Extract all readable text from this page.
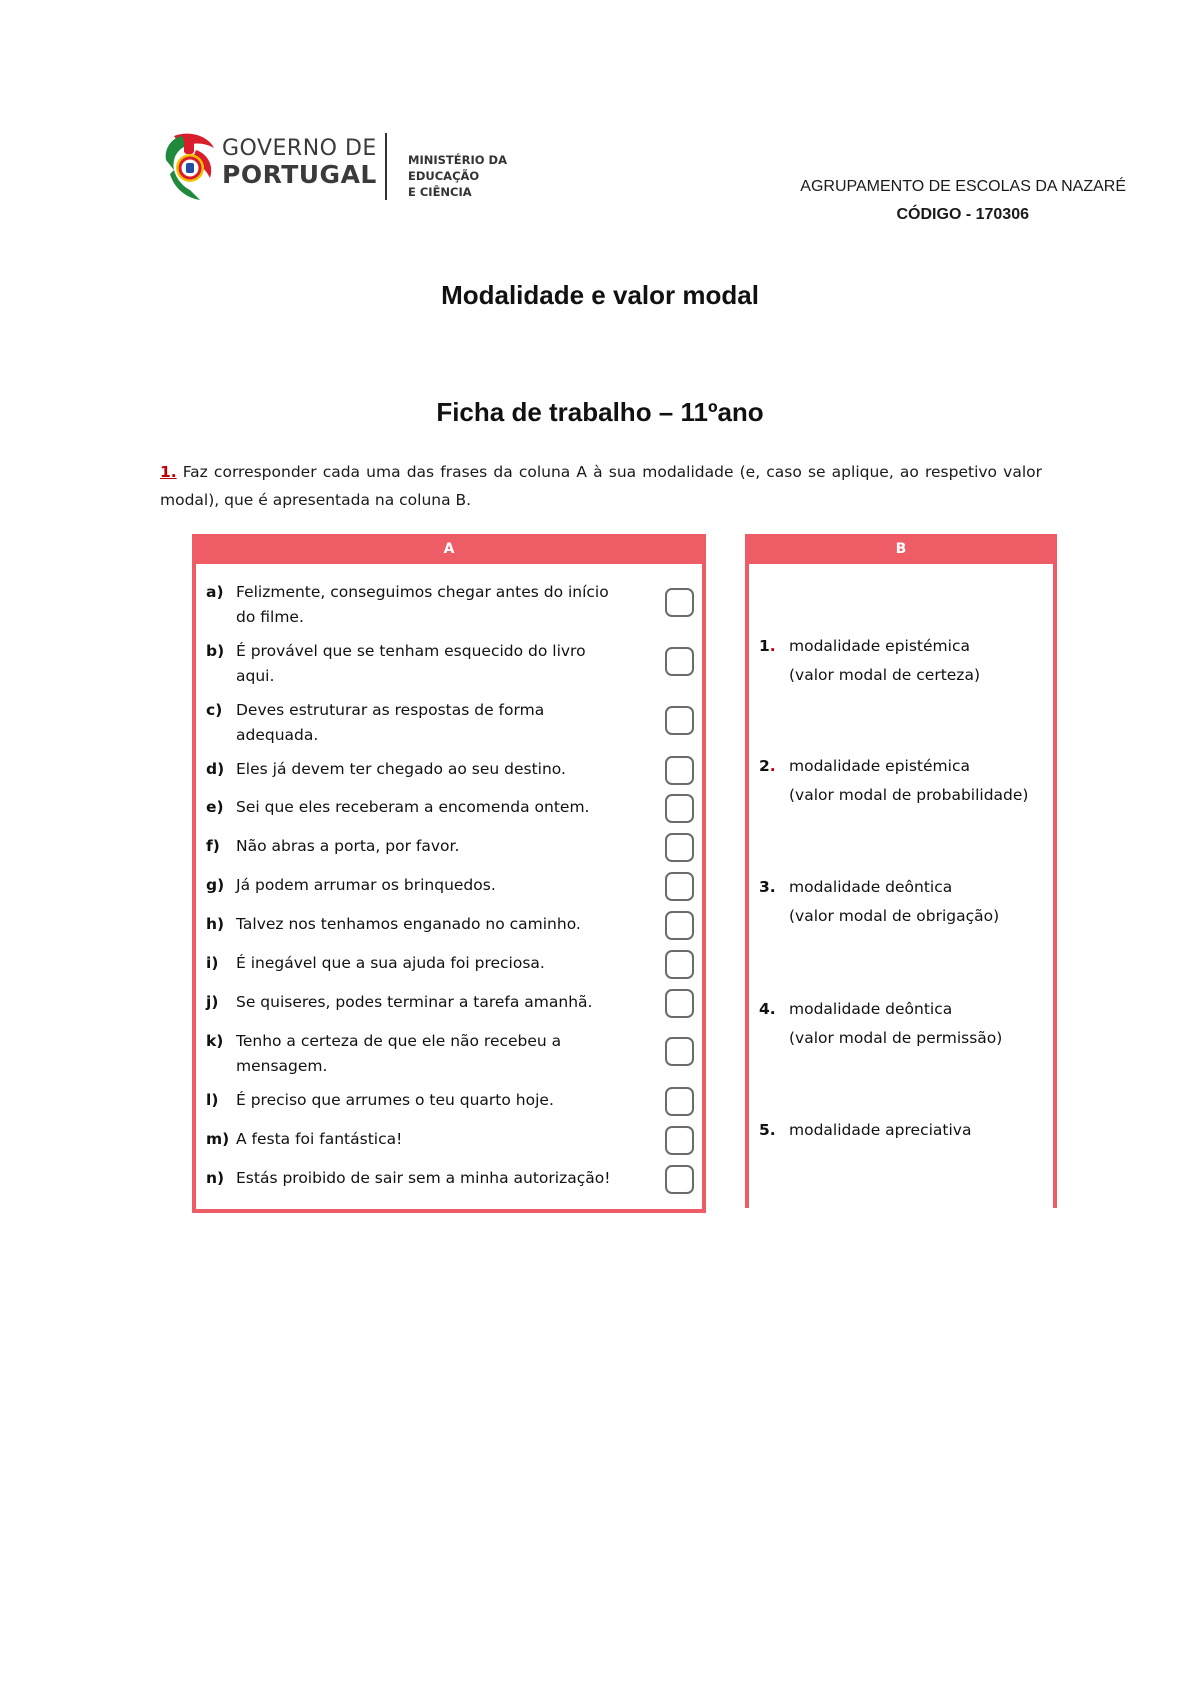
GOVERNO DE
PORTUGAL	MINISTÉRIO DA EDUCAÇÃO
E CIÊNCIA	AGRUPAMENTO DE ESCOLAS DA NAZARÉ
CÓDIGO - 170306
Modalidade e valor modal
Ficha de trabalho – 11ºano

1. Faz corresponder cada uma das frases da coluna A à sua modalidade (e, caso se aplique, ao respetivo valor modal), que é apresentada na coluna B.

A
a) Felizmente, conseguimos chegar antes do início do filme.
b) É provável que se tenham esquecido do livro aqui.
c) Deves estruturar as respostas de forma adequada.
d) Eles já devem ter chegado ao seu destino.
e) Sei que eles receberam a encomenda ontem.
f)	Não abras a porta, por favor.
g) Já podem arrumar os brinquedos.
h) Talvez nos tenhamos enganado no caminho.
i)	É inegável que a sua ajuda foi preciosa.
j)	Se quiseres, podes terminar a tarefa amanhã.
k) Tenho a certeza de que ele não recebeu a mensagem.
l)	É preciso que arrumes o teu quarto hoje.
m) A festa foi fantástica!
n) Estás proibido de sair sem a minha autorização!
B
1. modalidade epistémica
(valor modal de certeza)
2. modalidade epistémica
(valor modal de probabilidade)
3. modalidade deôntica
(valor modal de obrigação)
4. modalidade deôntica
(valor modal de permissão)
5. modalidade apreciativa
